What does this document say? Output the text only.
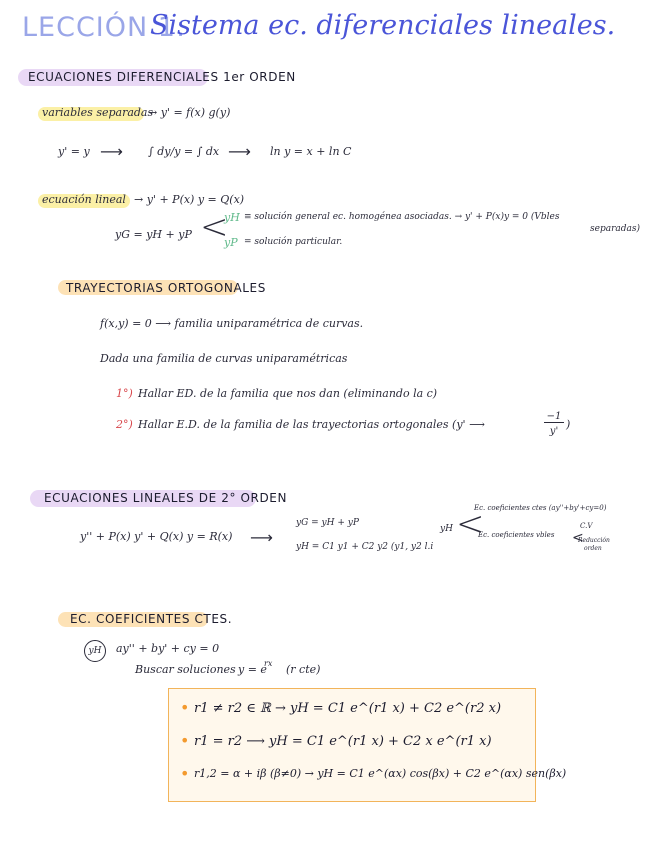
LECCIÓN 1:
Sistema ec. diferenciales lineales.
ECUACIONES DIFERENCIALES 1er ORDEN
variables separadas
→ y' = f(x) g(y)
y' = y ⟶ ∫ dy/y = ∫ dx ⟶ ln y = x + ln C
ecuación lineal → y' + P(x) y = Q(x)
yG = yH + yP <
yH ≡ solución general ec. homogénea asociadas. → y' + P(x)y = 0 (Vbles
separadas)
yP = solución particular.
TRAYECTORIAS ORTOGONALES
f(x,y) = 0 ⟶ familia uniparamétrica de curvas.
Dada una familia de curvas uniparamétricas
1°) Hallar ED. de la familia que nos dan (eliminando la c)
2°) Hallar E.D. de la familia de las trayectorias ortogonales (y' ⟶
−1
y'
)
ECUACIONES LINEALES DE 2° ORDEN
y'' + P(x) y' + Q(x) y = R(x) ⟶
yG = yH + yP
yH = C1 y1 + C2 y2 (y1, y2 l.i
yH <
Ec. coeficientes ctes (ay''+by'+cy=0)
Ec. coeficientes vbles <
C.V
Reducción
orden
EC. COEFICIENTES CTES.
yH	ay'' + by' + cy = 0
Buscar soluciones y = e
rx (r cte)
• r1 ≠ r2 ∈ ℝ → yH = C1 e^(r1 x) + C2 e^(r2 x)
• r1 = r2 ⟶ yH = C1 e^(r1 x) + C2 x e^(r1 x)
• r1,2 = α + iβ (β≠0) → yH = C1 e^(αx) cos(βx) + C2 e^(αx) sen(βx)
